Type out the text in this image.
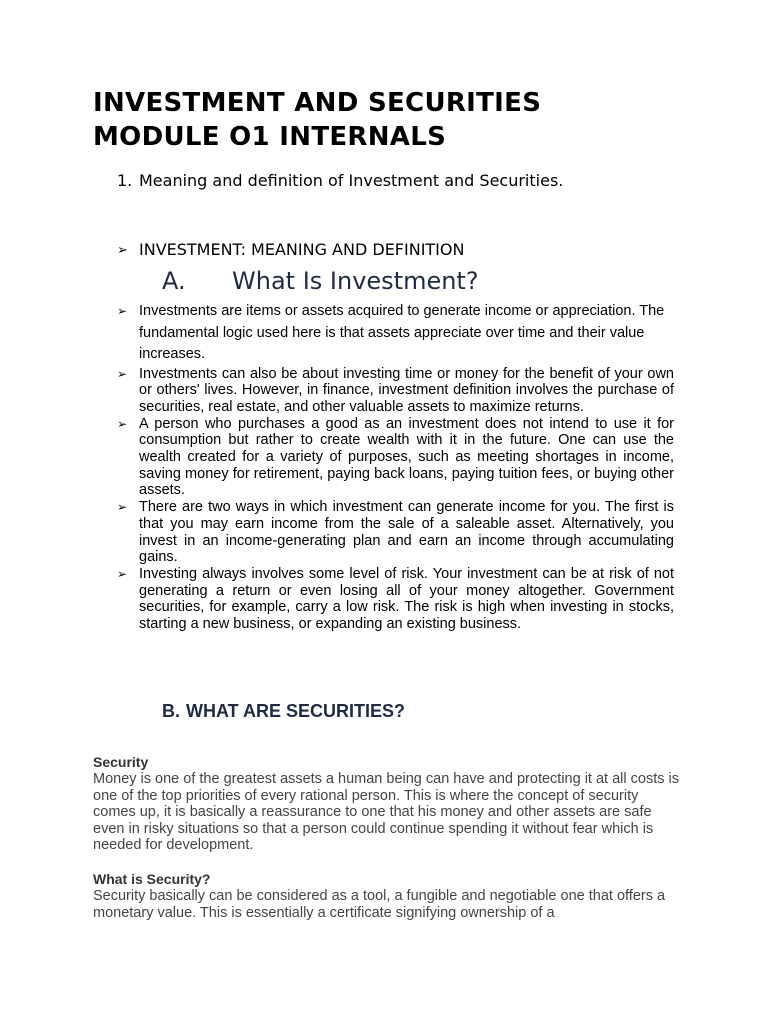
INVESTMENT AND SECURITIES
MODULE O1 INTERNALS
1. Meaning and definition of Investment and Securities.
➢ INVESTMENT: MEANING AND DEFINITION
A. What Is Investment?
➢ Investments are items or assets acquired to generate income or appreciation. The fundamental logic used here is that assets appreciate over time and their value increases.
➢ Investments can also be about investing time or money for the benefit of your own or others' lives. However, in finance, investment definition involves the purchase of securities, real estate, and other valuable assets to maximize returns.
➢ A person who purchases a good as an investment does not intend to use it for consumption but rather to create wealth with it in the future. One can use the wealth created for a variety of purposes, such as meeting shortages in income, saving money for retirement, paying back loans, paying tuition fees, or buying other assets.
➢ There are two ways in which investment can generate income for you. The first is that you may earn income from the sale of a saleable asset. Alternatively, you invest in an income-generating plan and earn an income through accumulating gains.
➢ Investing always involves some level of risk. Your investment can be at risk of not generating a return or even losing all of your money altogether. Government securities, for example, carry a low risk. The risk is high when investing in stocks, starting a new business, or expanding an existing business.
B. WHAT ARE SECURITIES?
Security
Money is one of the greatest assets a human being can have and protecting it at all costs is one of the top priorities of every rational person. This is where the concept of security comes up, it is basically a reassurance to one that his money and other assets are safe even in risky situations so that a person could continue spending it without fear which is needed for development.
What is Security?
Security basically can be considered as a tool, a fungible and negotiable one that offers a monetary value. This is essentially a certificate signifying ownership of a
